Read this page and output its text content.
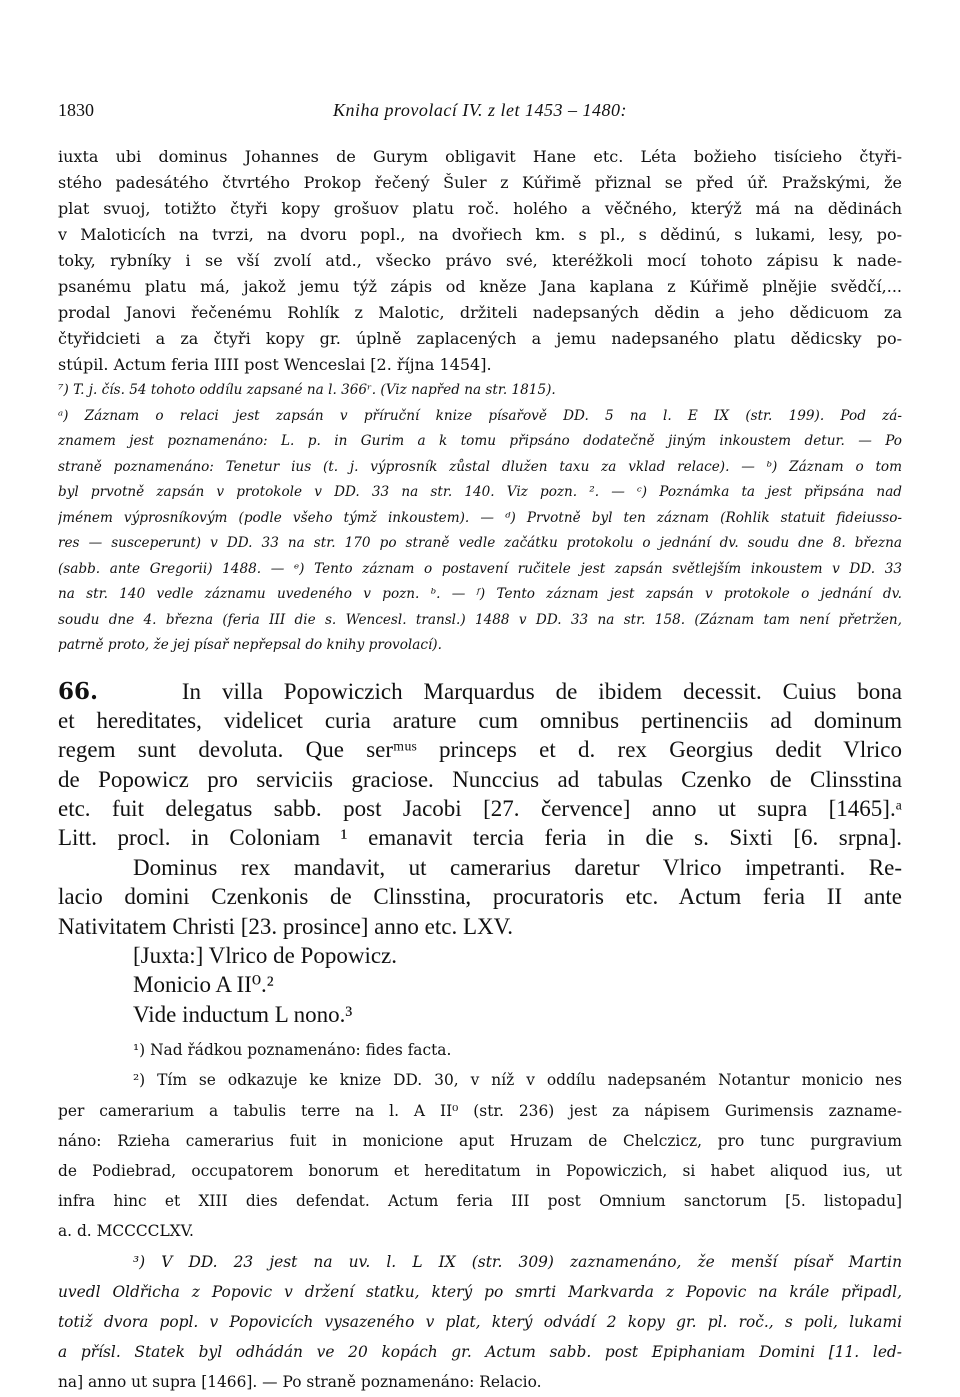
1830	Kniha provolací IV. z let 1453 – 1480:
iuxta ubi dominus Johannes de Gurym obligavit Hane etc. Léta božieho tisícieho čtyři-
stého padesátého čtvrtého Prokop řečený Šuler z Kúřimě přiznal se před úř. Pražskými, že
plat svuoj, totižto čtyři kopy grošuov platu roč. holého a věčného, kterýž má na dědinách
v Maloticích na tvrzi, na dvoru popl., na dvořiech km. s pl., s dědinú, s lukami, lesy, po-
toky, rybníky i se vší zvolí atd., všecko právo své, kteréžkoli mocí tohoto zápisu k nade-
psanému platu má, jakož jemu týž zápis od kněze Jana kaplana z Kúřimě plnějie svědčí,...
prodal Janovi řečenému Rohlík z Malotic, držiteli nadepsaných dědin a jeho dědicuom za
čtyřidcieti a za čtyři kopy gr. úplně zaplacených a jemu nadepsaného platu dědicsky po-
stúpil. Actum feria IIII post Wenceslai [2. října 1454].
⁷) T. j. čís. 54 tohoto oddílu zapsané na l. 366ʳ. (Viz napřed na str. 1815).
ᵃ) Záznam o relaci jest zapsán v příruční knize písařově DD. 5 na l. E IX (str. 199). Pod zá-
znamem jest poznamenáno: L. p. in Gurim a k tomu připsáno dodatečně jiným inkoustem detur. — Po
straně poznamenáno: Tenetur ius (t. j. výprosník zůstal dlužen taxu za vklad relace). — ᵇ) Záznam o tom
byl prvotně zapsán v protokole v DD. 33 na str. 140. Viz pozn. ². — ᶜ) Poznámka ta jest připsána nad
jménem výprosníkovým (podle všeho týmž inkoustem). — ᵈ) Prvotně byl ten záznam (Rohlik statuit fideiusso-
res — susceperunt) v DD. 33 na str. 170 po straně vedle začátku protokolu o jednání dv. soudu dne 8. března
(sabb. ante Gregorii) 1488. — ᵉ) Tento záznam o postavení ručitele jest zapsán světlejším inkoustem v DD. 33
na str. 140 vedle záznamu uvedeného v pozn. ᵇ. — ᶠ) Tento záznam jest zapsán v protokole o jednání dv.
soudu dne 4. března (feria III die s. Wencesl. transl.) 1488 v DD. 33 na str. 158. (Záznam tam není přetržen,
patrně proto, že jej písař nepřepsal do knihy provolací).
66.	In villa Popowiczich Marquardus de ibidem decessit. Cuius bona
et hereditates, videlicet curia arature cum omnibus pertinenciis ad dominum
regem sunt devoluta. Que serᵐᵘˢ princeps et d. rex Georgius dedit Vlrico
de Popowicz pro serviciis graciose. Nunccius ad tabulas Czenko de Clinsstina
etc. fuit delegatus sabb. post Jacobi [27. července] anno ut supra [1465].ᵃ
Litt. procl. in Coloniam ¹ emanavit tercia feria in die s. Sixti [6. srpna].
Dominus rex mandavit, ut camerarius daretur Vlrico impetranti. Re-
lacio domini Czenkonis de Clinsstina, procuratoris etc. Actum feria II ante
Nativitatem Christi [23. prosince] anno etc. LXV.
[Juxta:] Vlrico de Popowicz.
Monicio A II⁰.²
Vide inductum L nono.³
¹) Nad řádkou poznamenáno: fides facta.
²) Tím se odkazuje ke knize DD. 30, v níž v oddílu nadepsaném Notantur monicio nes
per camerarium a tabulis terre na l. A II⁰ (str. 236) jest za nápisem Gurimensis zazname-
náno: Rzieha camerarius fuit in monicione aput Hruzam de Chelczicz, pro tunc purgravium
de Podiebrad, occupatorem bonorum et hereditatum in Popowiczich, si habet aliquod ius, ut
infra hinc et XIII dies defendat. Actum feria III post Omnium sanctorum [5. listopadu]
a. d. MCCCCLXV.
³) V DD. 23 jest na uv. l. L IX (str. 309) zaznamenáno, že menší písař Martin
uvedl Oldřicha z Popovic v držení statku, který po smrti Markvarda z Popovic na krále připadl,
totiž dvora popl. v Popovicích vysazeného v plat, který odvádí 2 kopy gr. pl. roč., s poli, lukami
a přísl. Statek byl odhádán ve 20 kopách gr. Actum sabb. post Epiphaniam Domini [11. led-
na] anno ut supra [1466]. — Po straně poznamenáno: Relacio.
